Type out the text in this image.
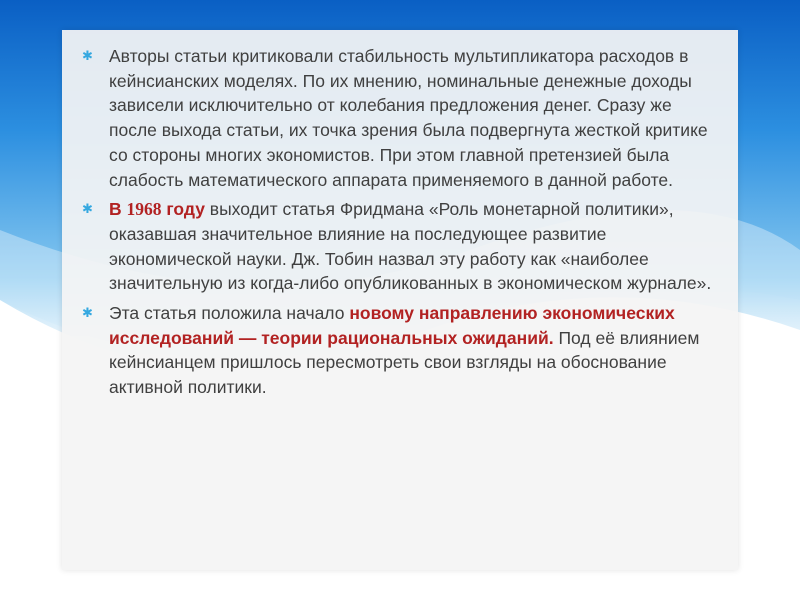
✱ Авторы статьи критиковали стабильность мультипликатора расходов в кейнсианских моделях. По их мнению, номинальные денежные доходы зависели исключительно от колебания предложения денег. Сразу же после выхода статьи, их точка зрения была подвергнута жесткой критике со стороны многих экономистов. При этом главной претензией была слабость математического аппарата применяемого в данной работе.
✱ В 1968 году выходит статья Фридмана «Роль монетарной политики», оказавшая значительное влияние на последующее развитие экономической науки. Дж. Тобин назвал эту работу как «наиболее значительную из когда-либо опубликованных в экономическом журнале».
✱ Эта статья положила начало новому направлению экономических исследований — теории рациональных ожиданий. Под её влиянием кейнсианцем пришлось пересмотреть свои взгляды на обоснование активной политики.
